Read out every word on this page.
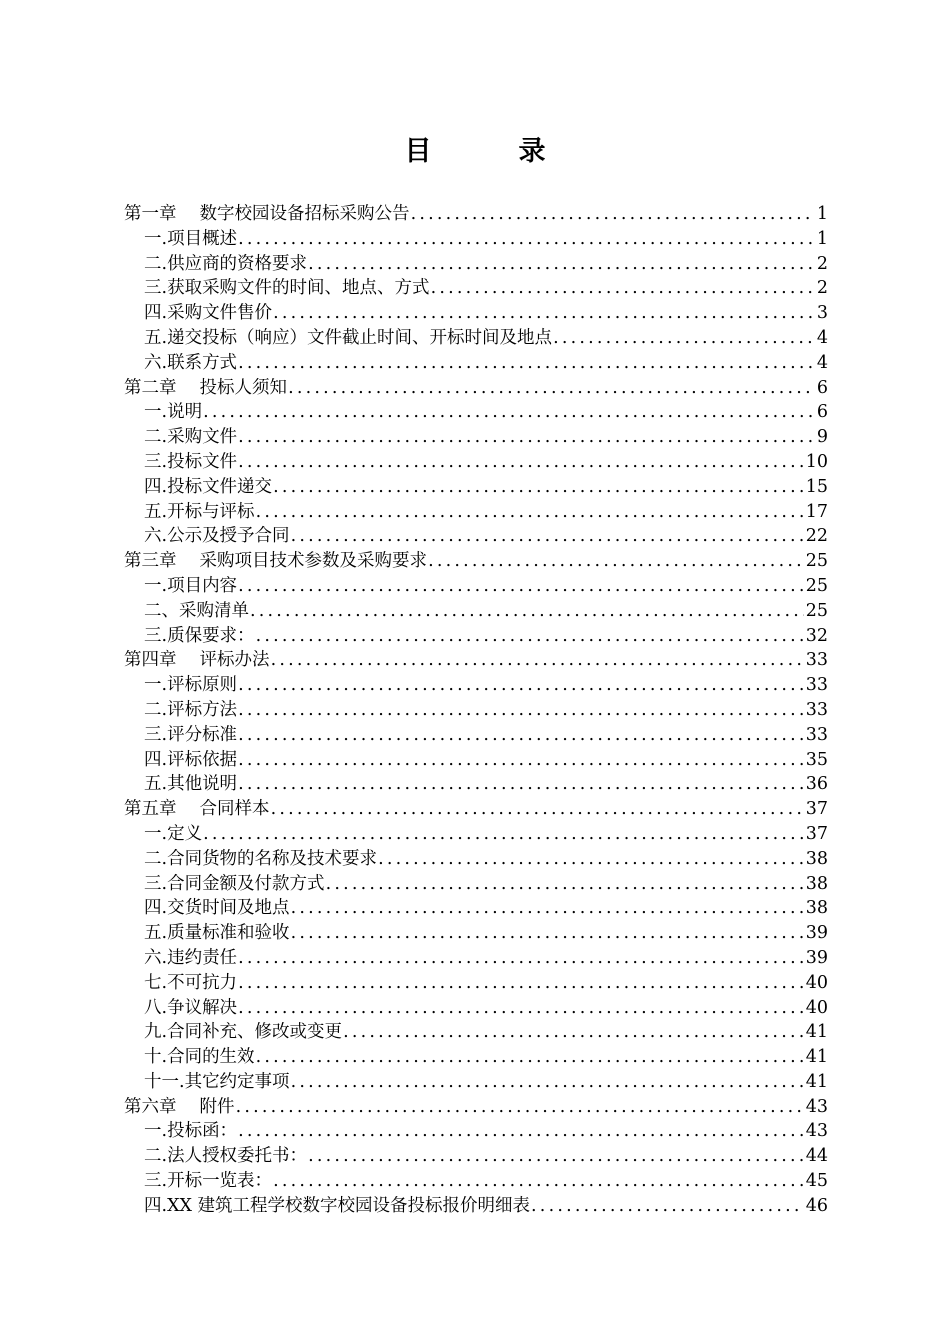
目　录
第一章　 数字校园设备招标采购公告 .....	1
一.项目概述 .....	1
二.供应商的资格要求 .....	2
三.获取采购文件的时间、地点、方式 .....	2
四.采购文件售价 .....	3
五.递交投标（响应）文件截止时间、开标时间及地点 .....	4
六.联系方式 .....	4
第二章　 投标人须知 .....	6
一.说明 .....	6
二.采购文件 .....	9
三.投标文件 .....	10
四.投标文件递交 .....	15
五.开标与评标 .....	17
六.公示及授予合同 .....	22
第三章　 采购项目技术参数及采购要求 .....	25
一.项目内容 .....	25
二、采购清单 .....	25
三.质保要求： .....	32
第四章　 评标办法 .....	33
一.评标原则 .....	33
二.评标方法 .....	33
三.评分标准 .....	33
四.评标依据 .....	35
五.其他说明 .....	36
第五章　 合同样本 .....	37
一.定义 .....	37
二.合同货物的名称及技术要求 .....	38
三.合同金额及付款方式 .....	38
四.交货时间及地点 .....	38
五.质量标准和验收 .....	39
六.违约责任 .....	39
七.不可抗力 .....	40
八.争议解决 .....	40
九.合同补充、修改或变更 .....	41
十.合同的生效 .....	41
十一.其它约定事项 .....	41
第六章　 附件 .....	43
一.投标函： .....	43
二.法人授权委托书： .....	44
三.开标一览表： .....	45
四.XX 建筑工程学校数字校园设备投标报价明细表 .....	46
